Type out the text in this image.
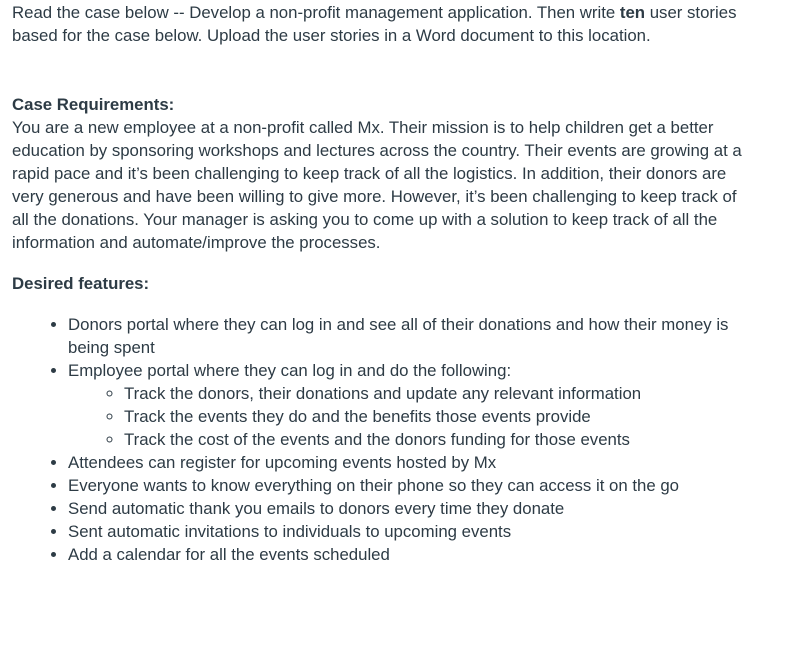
Read the case below -- Develop a non-profit management application. Then write ten user stories based for the case below. Upload the user stories in a Word document to this location.

Case Requirements:

You are a new employee at a non-profit called Mx. Their mission is to help children get a better education by sponsoring workshops and lectures across the country. Their events are growing at a rapid pace and it’s been challenging to keep track of all the logistics. In addition, their donors are very generous and have been willing to give more. However, it’s been challenging to keep track of all the donations. Your manager is asking you to come up with a solution to keep track of all the information and automate/improve the processes.

Desired features:
• Donors portal where they can log in and see all of their donations and how their money is being spent
• Employee portal where they can log in and do the following:
◦ Track the donors, their donations and update any relevant information
◦ Track the events they do and the benefits those events provide
◦ Track the cost of the events and the donors funding for those events
• Attendees can register for upcoming events hosted by Mx
• Everyone wants to know everything on their phone so they can access it on the go
• Send automatic thank you emails to donors every time they donate
• Sent automatic invitations to individuals to upcoming events
• Add a calendar for all the events scheduled
